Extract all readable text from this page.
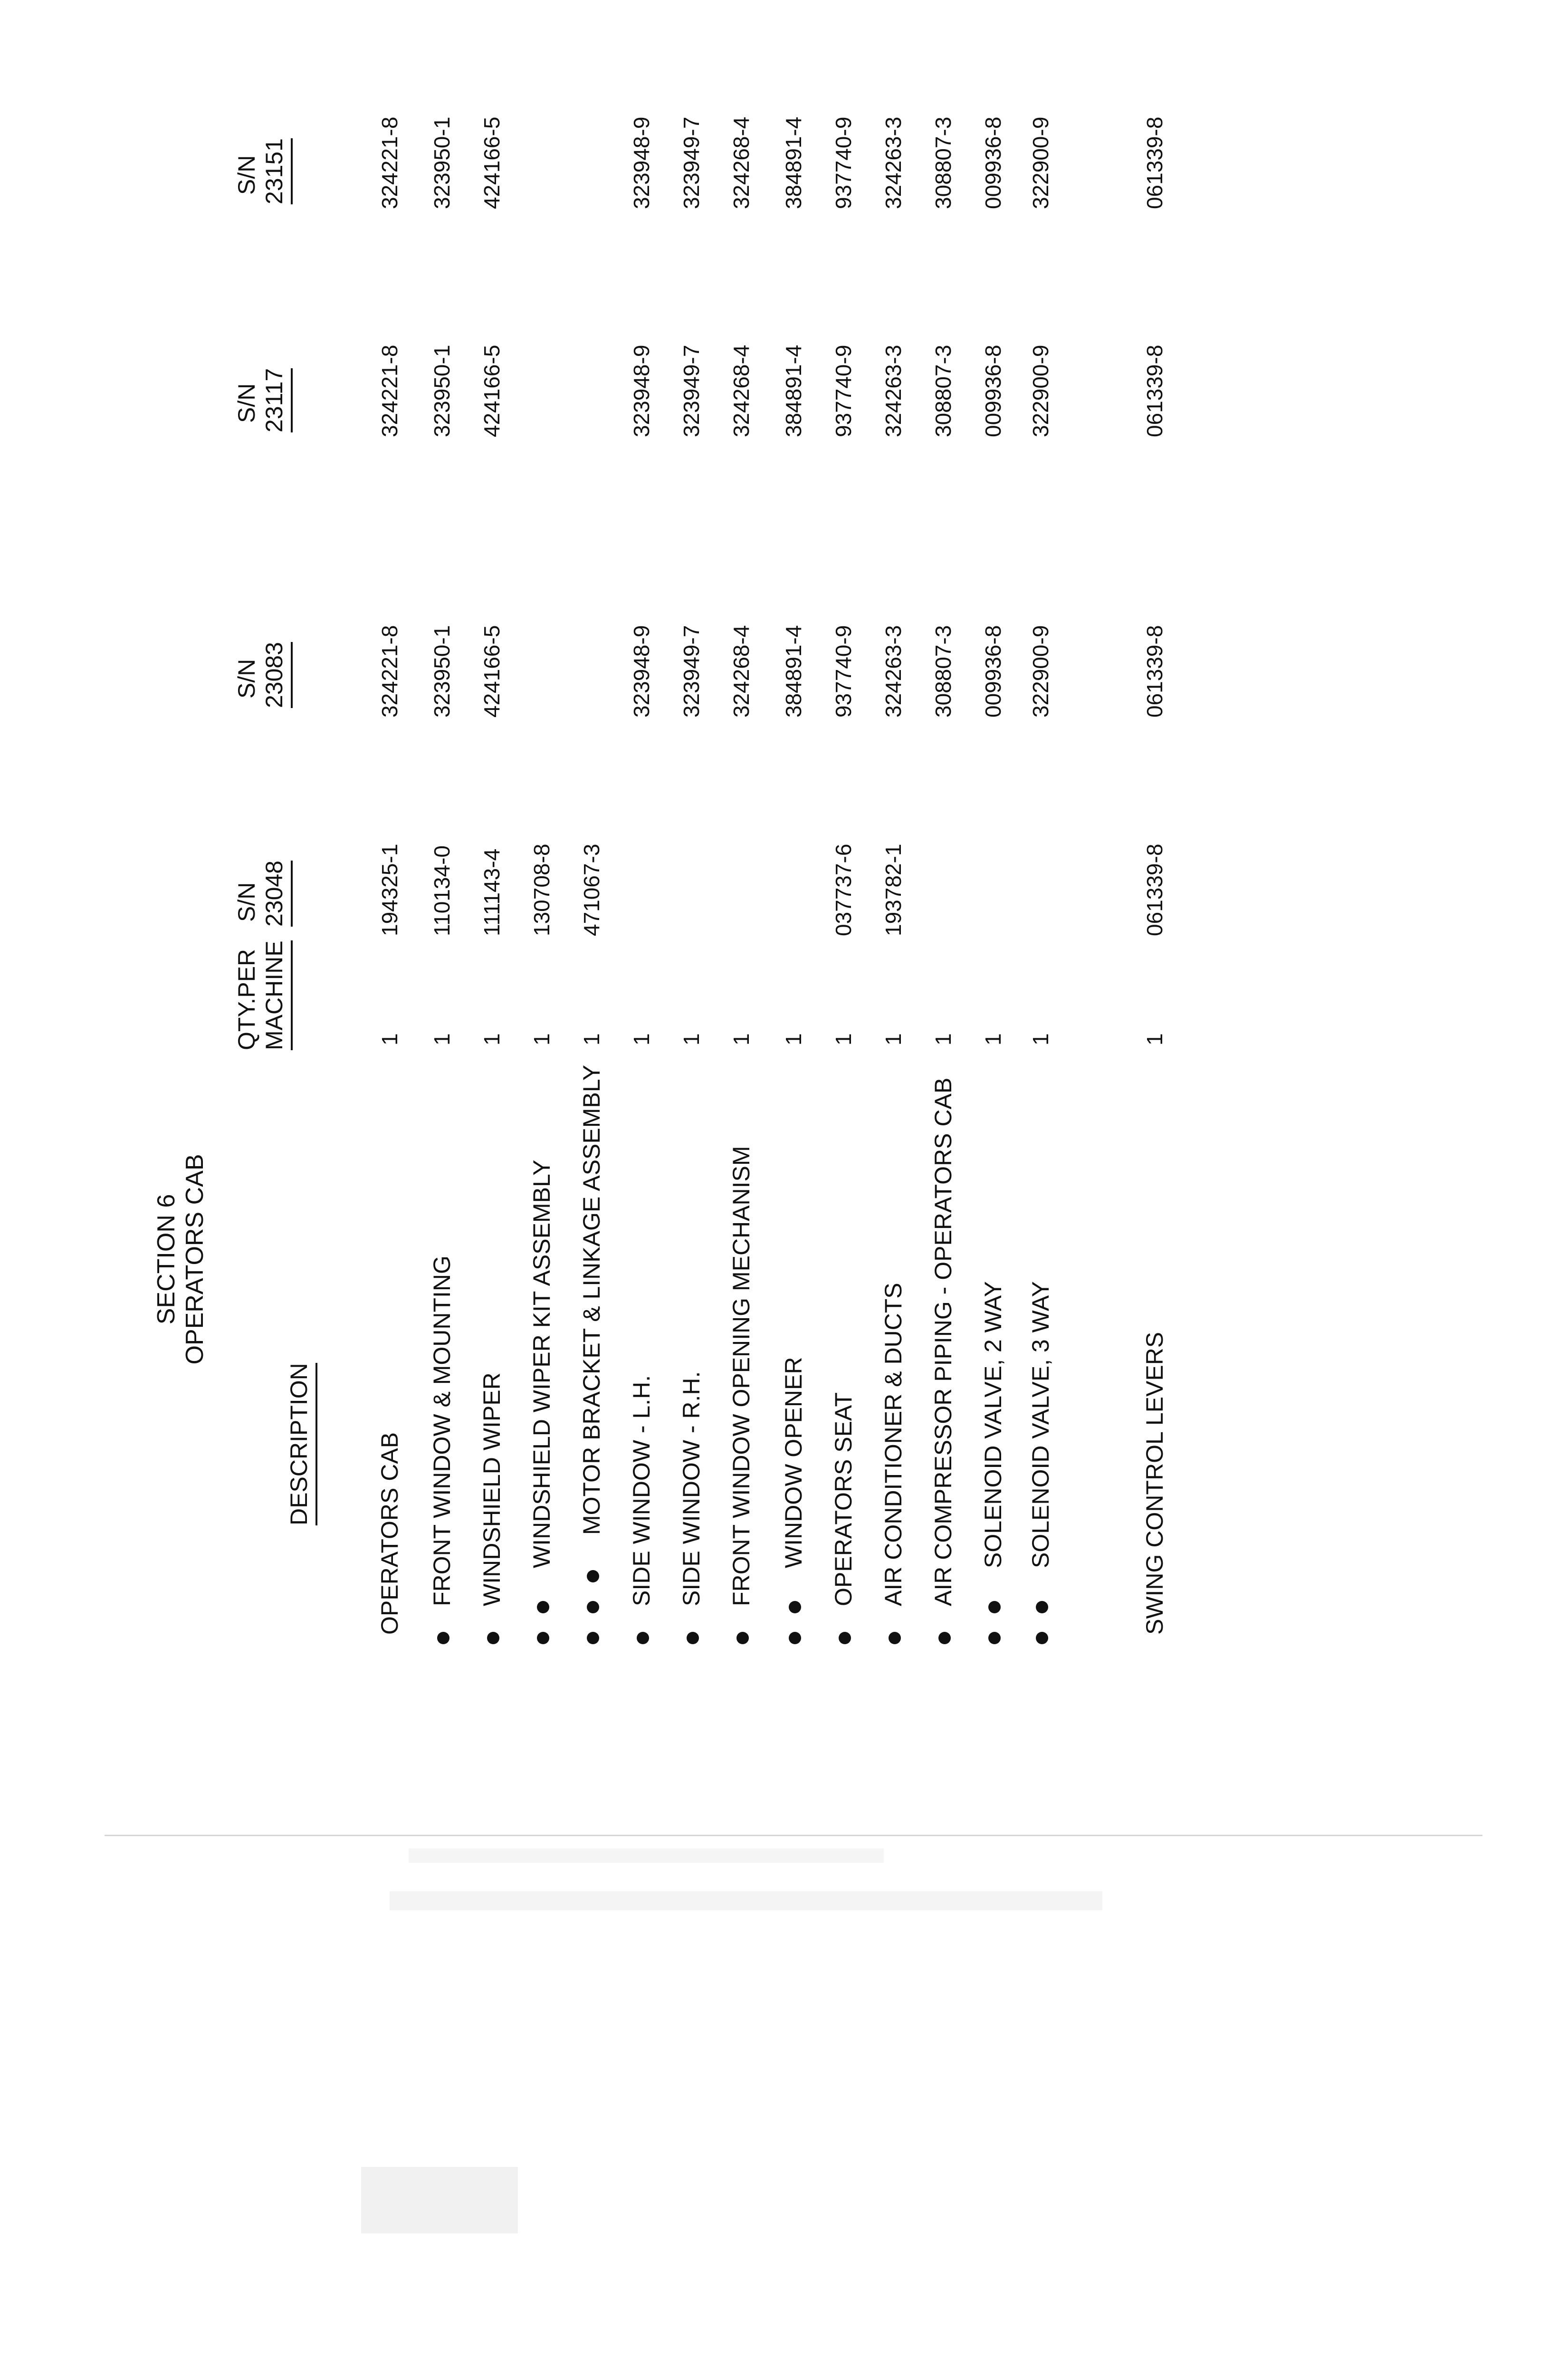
SECTION 6 OPERATORS CAB
DESCRIPTION
QTY.PER MACHINE
S/N 23048
S/N 23083
S/N 23117
S/N 23151
OPERATORS CAB
1
194325-1
324221-8
324221-8
324221-8
FRONT WINDOW & MOUNTING
1
110134-0
323950-1
323950-1
323950-1
WINDSHIELD WIPER
1
111143-4
424166-5
424166-5
424166-5
WINDSHIELD WIPER KIT ASSEMBLY
1
130708-8
MOTOR BRACKET & LINKAGE ASSEMBLY
1
471067-3
SIDE WINDOW - L.H.
1
323948-9
323948-9
323948-9
SIDE WINDOW - R.H.
1
323949-7
323949-7
323949-7
FRONT WINDOW OPENING MECHANISM
1
324268-4
324268-4
324268-4
WINDOW OPENER
1
384891-4
384891-4
384891-4
OPERATORS SEAT
1
037737-6
937740-9
937740-9
937740-9
AIR CONDITIONER & DUCTS
1
193782-1
324263-3
324263-3
324263-3
AIR COMPRESSOR PIPING - OPERATORS CAB
1
308807-3
308807-3
308807-3
SOLENOID VALVE, 2 WAY
1
009936-8
009936-8
009936-8
SOLENOID VALVE, 3 WAY
1
322900-9
322900-9
322900-9
SWING CONTROL LEVERS
1
061339-8
061339-8
061339-8
061339-8
